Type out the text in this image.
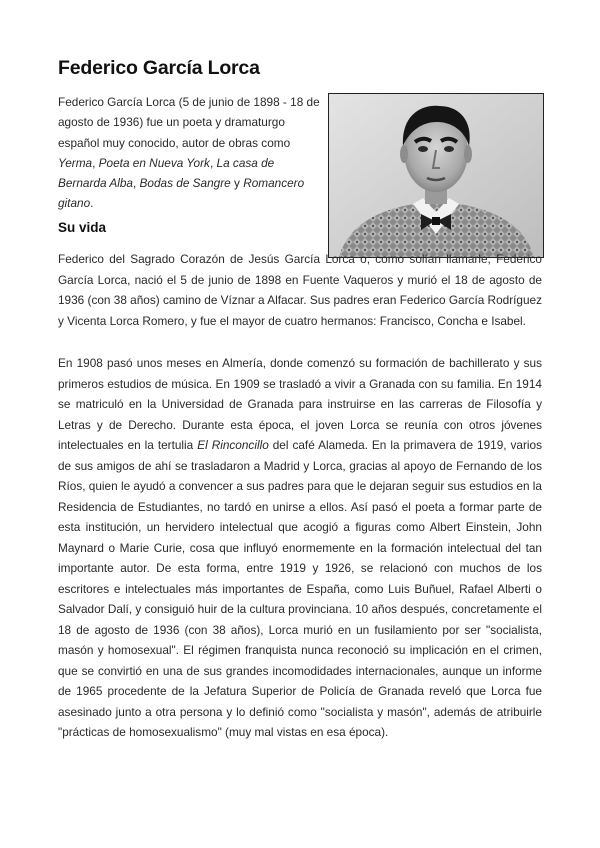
Federico García Lorca

Federico García Lorca (5 de junio de 1898 - 18 de agosto de 1936) fue un poeta y dramaturgo español muy conocido, autor de obras como Yerma, Poeta en Nueva York, La casa de Bernarda Alba, Bodas de Sangre y Romancero gitano.

Su vida

Federico del Sagrado Corazón de Jesús García Lorca o, como solían llamarle, Federico García Lorca, nació el 5 de junio de 1898 en Fuente Vaqueros y murió el 18 de agosto de 1936 (con 38 años) camino de Víznar a Alfacar. Sus padres eran Federico García Rodríguez y Vicenta Lorca Romero, y fue el mayor de cuatro hermanos: Francisco, Concha e Isabel.

En 1908 pasó unos meses en Almería, donde comenzó su formación de bachillerato y sus primeros estudios de música. En 1909 se trasladó a vivir a Granada con su familia. En 1914 se matriculó en la Universidad de Granada para instruirse en las carreras de Filosofía y Letras y de Derecho. Durante esta época, el joven Lorca se reunía con otros jóvenes intelectuales en la tertulia El Rinconcillo del café Alameda. En la primavera de 1919, varios de sus amigos de ahí se trasladaron a Madrid y Lorca, gracias al apoyo de Fernando de los Ríos, quien le ayudó a convencer a sus padres para que le dejaran seguir sus estudios en la Residencia de Estudiantes, no tardó en unirse a ellos. Así pasó el poeta a formar parte de esta institución, un hervidero intelectual que acogió a figuras como Albert Einstein, John Maynard o Marie Curie, cosa que influyó enormemente en la formación intelectual del tan importante autor. De esta forma, entre 1919 y 1926, se relacionó con muchos de los escritores e intelectuales más importantes de España, como Luis Buñuel, Rafael Alberti o Salvador Dalí, y consiguió huir de la cultura provinciana. 10 años después, concretamente el 18 de agosto de 1936 (con 38 años), Lorca murió en un fusilamiento por ser "socialista, masón y homosexual". El régimen franquista nunca reconoció su implicación en el crimen, que se convirtió en una de sus grandes incomodidades internacionales, aunque un informe de 1965 procedente de la Jefatura Superior de Policía de Granada reveló que Lorca fue asesinado junto a otra persona y lo definió como "socialista y masón", además de atribuirle "prácticas de homosexualismo" (muy mal vistas en esa época).
